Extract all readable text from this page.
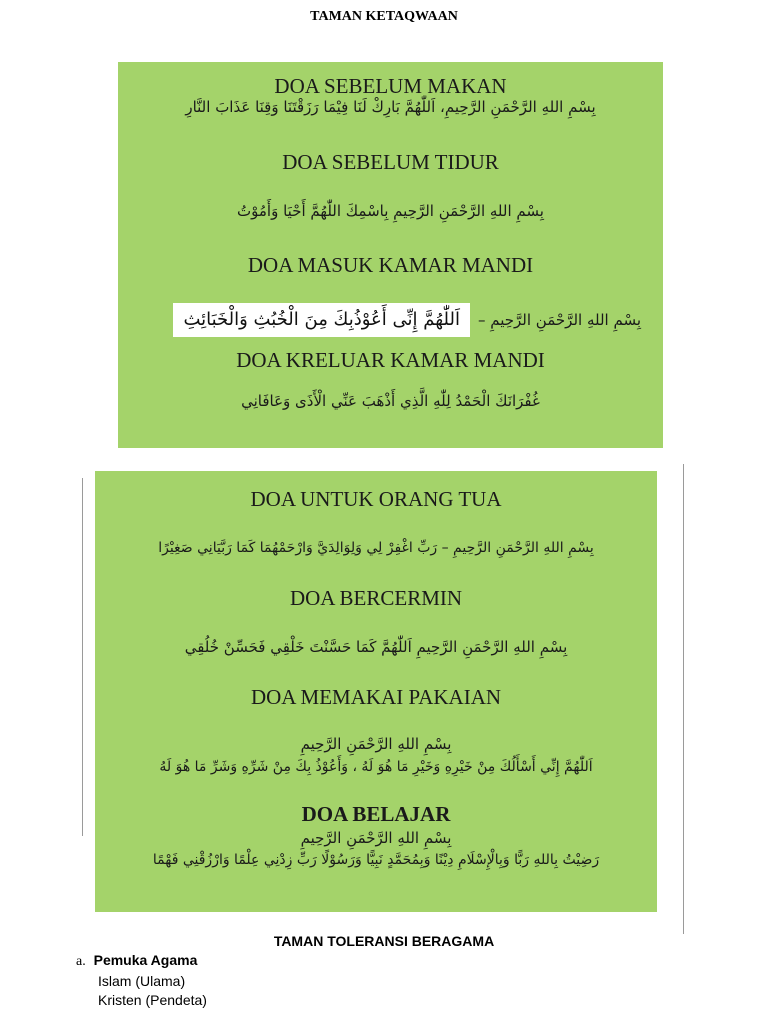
TAMAN KETAQWAAN
DOA SEBELUM MAKAN
بِسْمِ اللهِ الرَّحْمَنِ الرَّحِيمِ، اَللّٰهُمَّ بَارِكْ لَنَا فِيْمَا رَزَقْتَنَا وَقِنَا عَذَابَ النَّارِ
DOA SEBELUM TIDUR
بِسْمِ اللهِ الرَّحْمَنِ الرَّحِيمِ بِاسْمِكَ اللّٰهُمَّ أَحْيَا وَأَمُوْتُ
DOA MASUK KAMAR MANDI
بِسْمِ اللهِ الرَّحْمَنِ الرَّحِيمِ –
اَللّٰهُمَّ إِنِّى أَعُوْذُبِكَ مِنَ الْخُبُثِ وَالْخَبَائِثِ
DOA KRELUAR KAMAR MANDI
غُفْرَانَكَ الْحَمْدُ لِلّٰهِ الَّذِي أَذْهَبَ عَنِّي الْأَذَى وَعَافَانِي
DOA UNTUK ORANG TUA
بِسْمِ اللهِ الرَّحْمَنِ الرَّحِيمِ – رَبِّ اغْفِرْ لِي وَلِوَالِدَيَّ وَارْحَمْهُمَا كَمَا رَبَّيَانِي صَغِيْرًا
DOA BERCERMIN
بِسْمِ اللهِ الرَّحْمَنِ الرَّحِيمِ اَللّٰهُمَّ كَمَا حَسَّنْتَ خَلْقِي فَحَسِّنْ خُلُقِي
DOA MEMAKAI PAKAIAN
بِسْمِ اللهِ الرَّحْمَنِ الرَّحِيمِ
اَللّٰهُمَّ إِنِّي أَسْأَلُكَ مِنْ خَيْرِهِ وَخَيْرِ مَا هُوَ لَهُ ، وَأَعُوْذُ بِكَ مِنْ شَرِّهِ وَشَرِّ مَا هُوَ لَهُ
DOA BELAJAR
بِسْمِ اللهِ الرَّحْمَنِ الرَّحِيمِ
رَضِيْتُ بِاللهِ رَبًّا وَبِالْإِسْلَامِ دِيْنًا وَبِمُحَمَّدٍ نَبِيًّا وَرَسُوْلًا رَبِّ زِدْنِي عِلْمًا وَارْزُقْنِي فَهْمًا
TAMAN TOLERANSI BERAGAMA
a. Pemuka Agama
Islam (Ulama)
Kristen (Pendeta)
